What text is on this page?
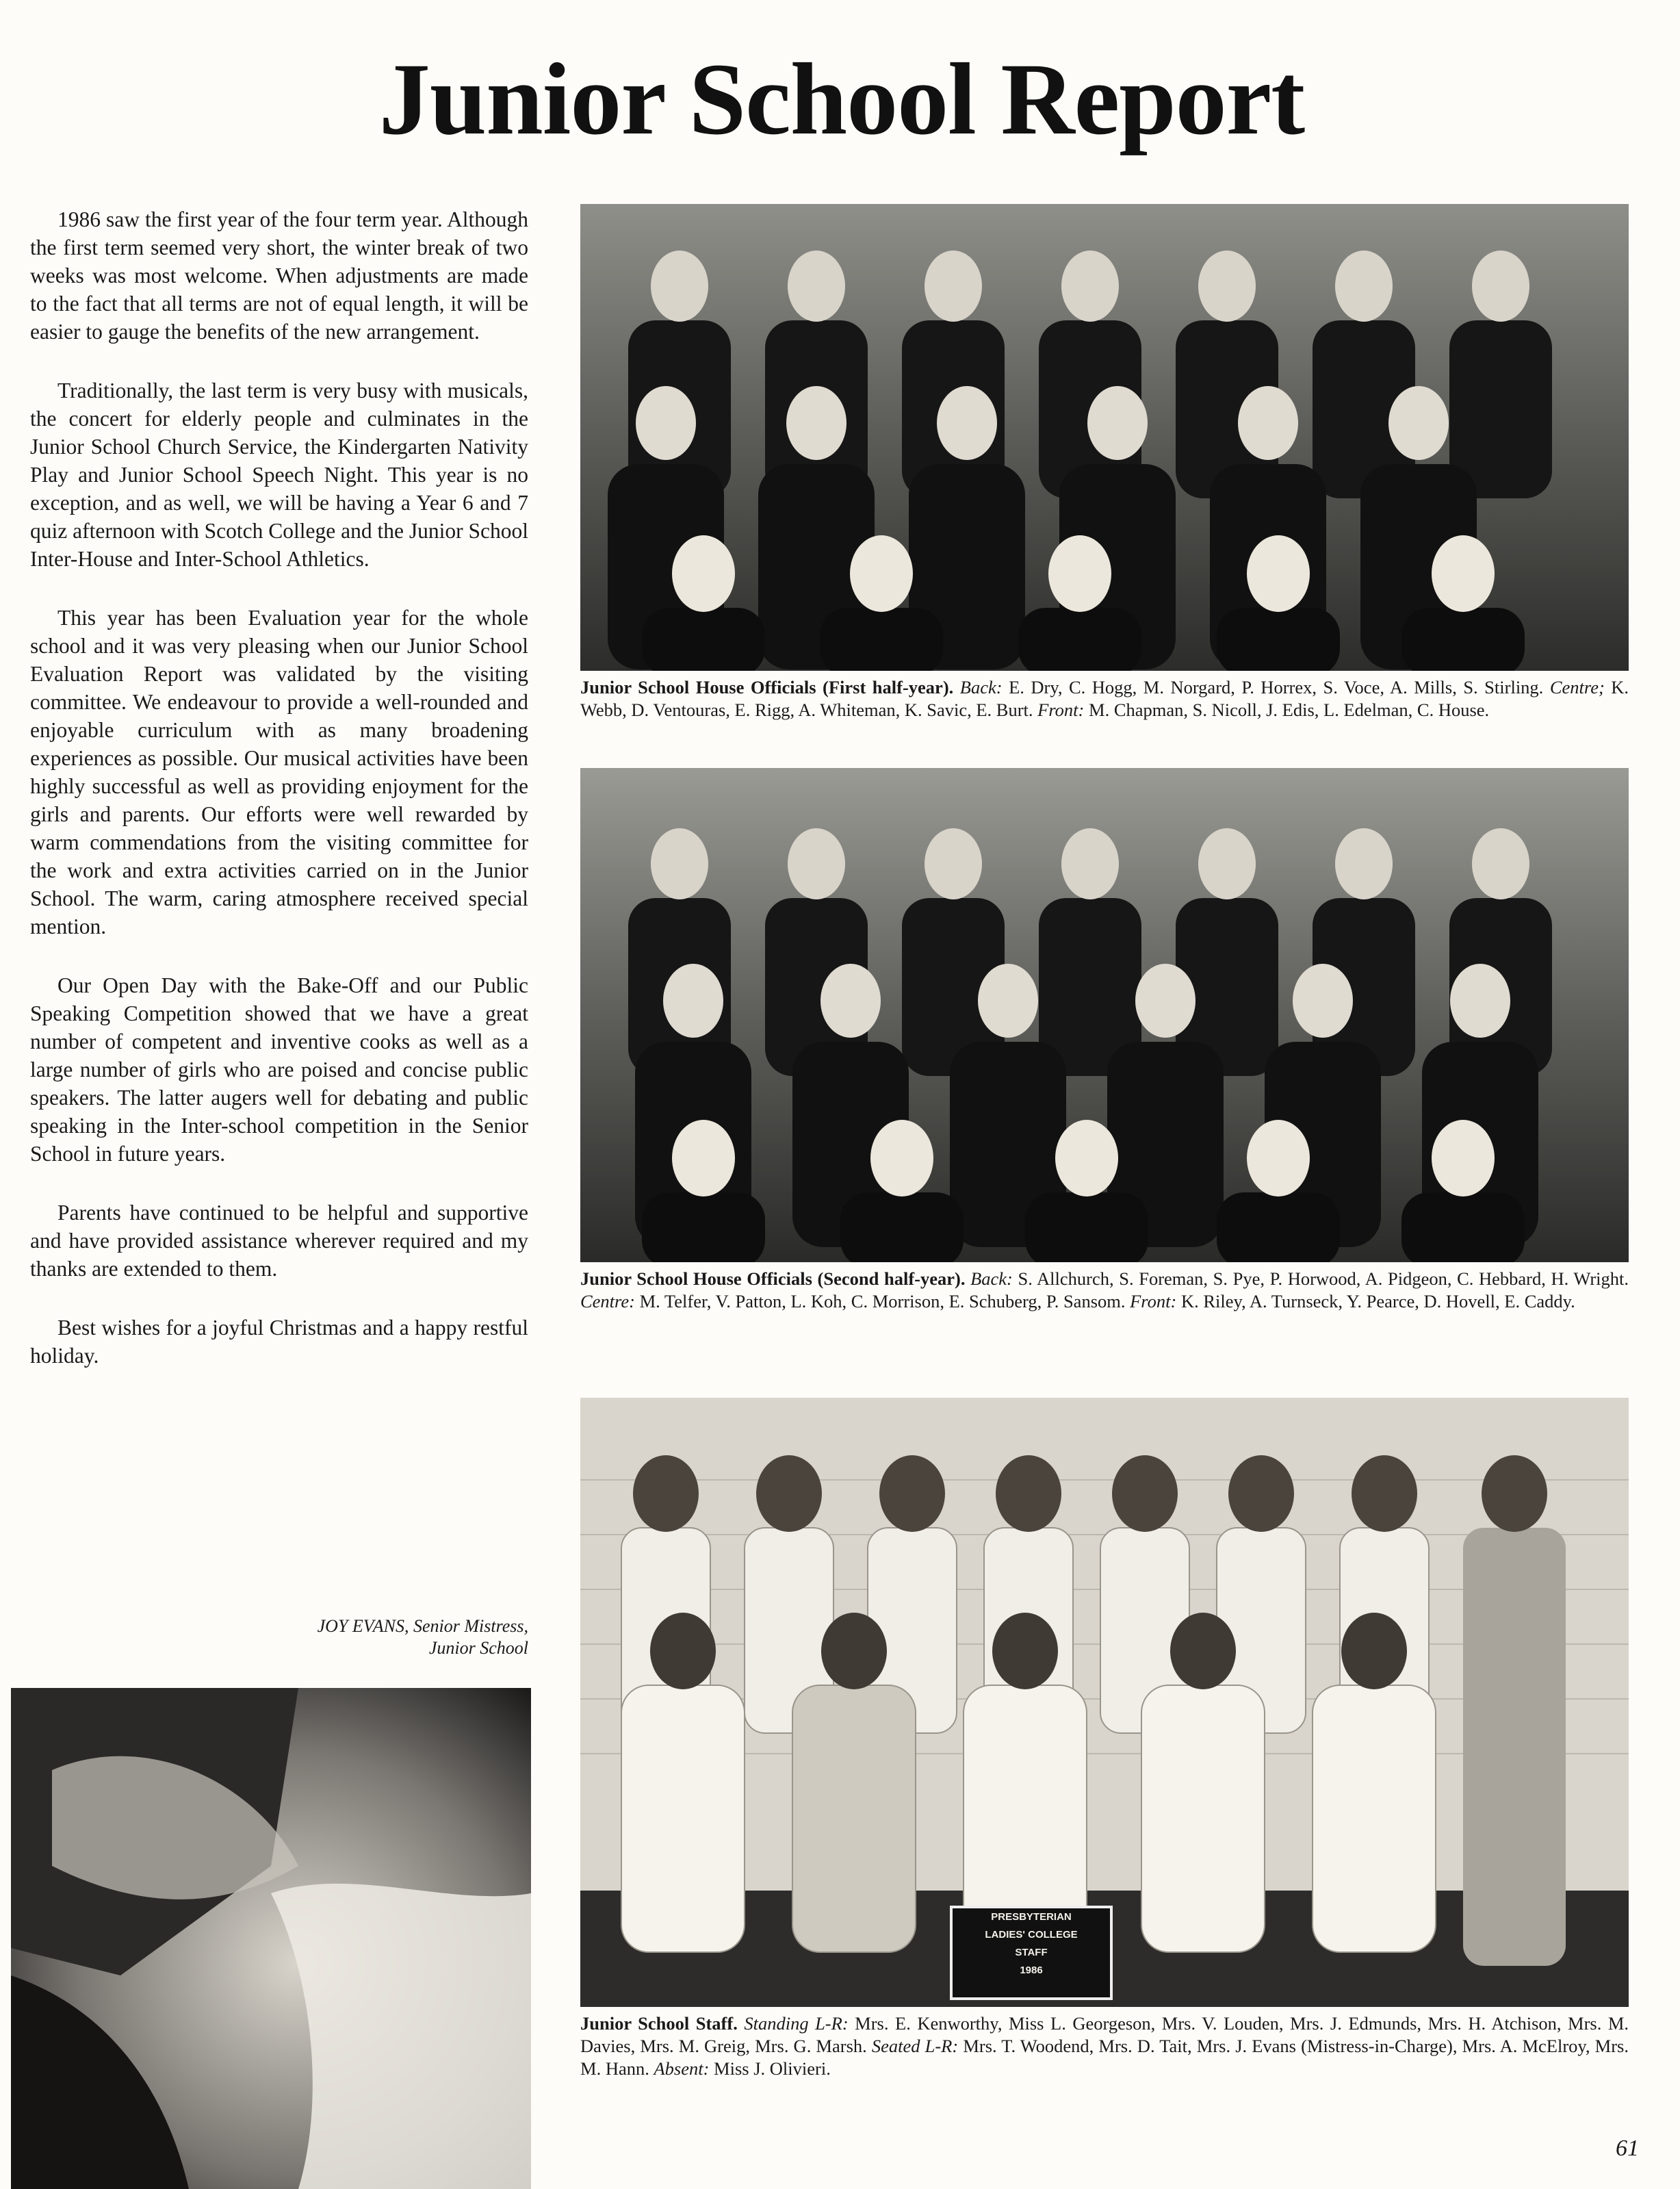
Junior School Report

1986 saw the first year of the four term year. Although the first term seemed very short, the winter break of two weeks was most welcome. When adjustments are made to the fact that all terms are not of equal length, it will be easier to gauge the benefits of the new arrangement.

Traditionally, the last term is very busy with musicals, the concert for elderly people and culminates in the Junior School Church Service, the Kindergarten Nativity Play and Junior School Speech Night. This year is no exception, and as well, we will be having a Year 6 and 7 quiz afternoon with Scotch College and the Junior School Inter-House and Inter-School Athletics.

This year has been Evaluation year for the whole school and it was very pleasing when our Junior School Evaluation Report was validated by the visiting committee. We endeavour to provide a well-rounded and enjoyable curriculum with as many broadening experiences as possible. Our musical activities have been highly successful as well as providing enjoyment for the girls and parents. Our efforts were well rewarded by warm commendations from the visiting committee for the work and extra activities carried on in the Junior School. The warm, caring atmosphere received special mention.

Our Open Day with the Bake-Off and our Public Speaking Competition showed that we have a great number of competent and inventive cooks as well as a large number of girls who are poised and concise public speakers. The latter augers well for debating and public speaking in the Inter-school competition in the Senior School in future years.

Parents have continued to be helpful and supportive and have provided assistance wherever required and my thanks are extended to them.

Best wishes for a joyful Christmas and a happy restful holiday.

JOY EVANS, Senior Mistress,
Junior School
Junior School House Officials (First half-year). Back: E. Dry, C. Hogg, M. Norgard, P. Horrex, S. Voce, A. Mills, S. Stirling. Centre; K. Webb, D. Ventouras, E. Rigg, A. Whiteman, K. Savic, E. Burt. Front: M. Chapman, S. Nicoll, J. Edis, L. Edelman, C. House.
Junior School House Officials (Second half-year). Back: S. Allchurch, S. Foreman, S. Pye, P. Horwood, A. Pidgeon, C. Hebbard, H. Wright. Centre: M. Telfer, V. Patton, L. Koh, C. Morrison, E. Schuberg, P. Sansom. Front: K. Riley, A. Turnseck, Y. Pearce, D. Hovell, E. Caddy.
PRESBYTERIAN
LADIES' COLLEGE
STAFF
1986
Junior School Staff. Standing L-R: Mrs. E. Kenworthy, Miss L. Georgeson, Mrs. V. Louden, Mrs. J. Edmunds, Mrs. H. Atchison, Mrs. M. Davies, Mrs. M. Greig, Mrs. G. Marsh. Seated L-R: Mrs. T. Woodend, Mrs. D. Tait, Mrs. J. Evans (Mistress-in-Charge), Mrs. A. McElroy, Mrs. M. Hann. Absent: Miss J. Olivieri.
61
